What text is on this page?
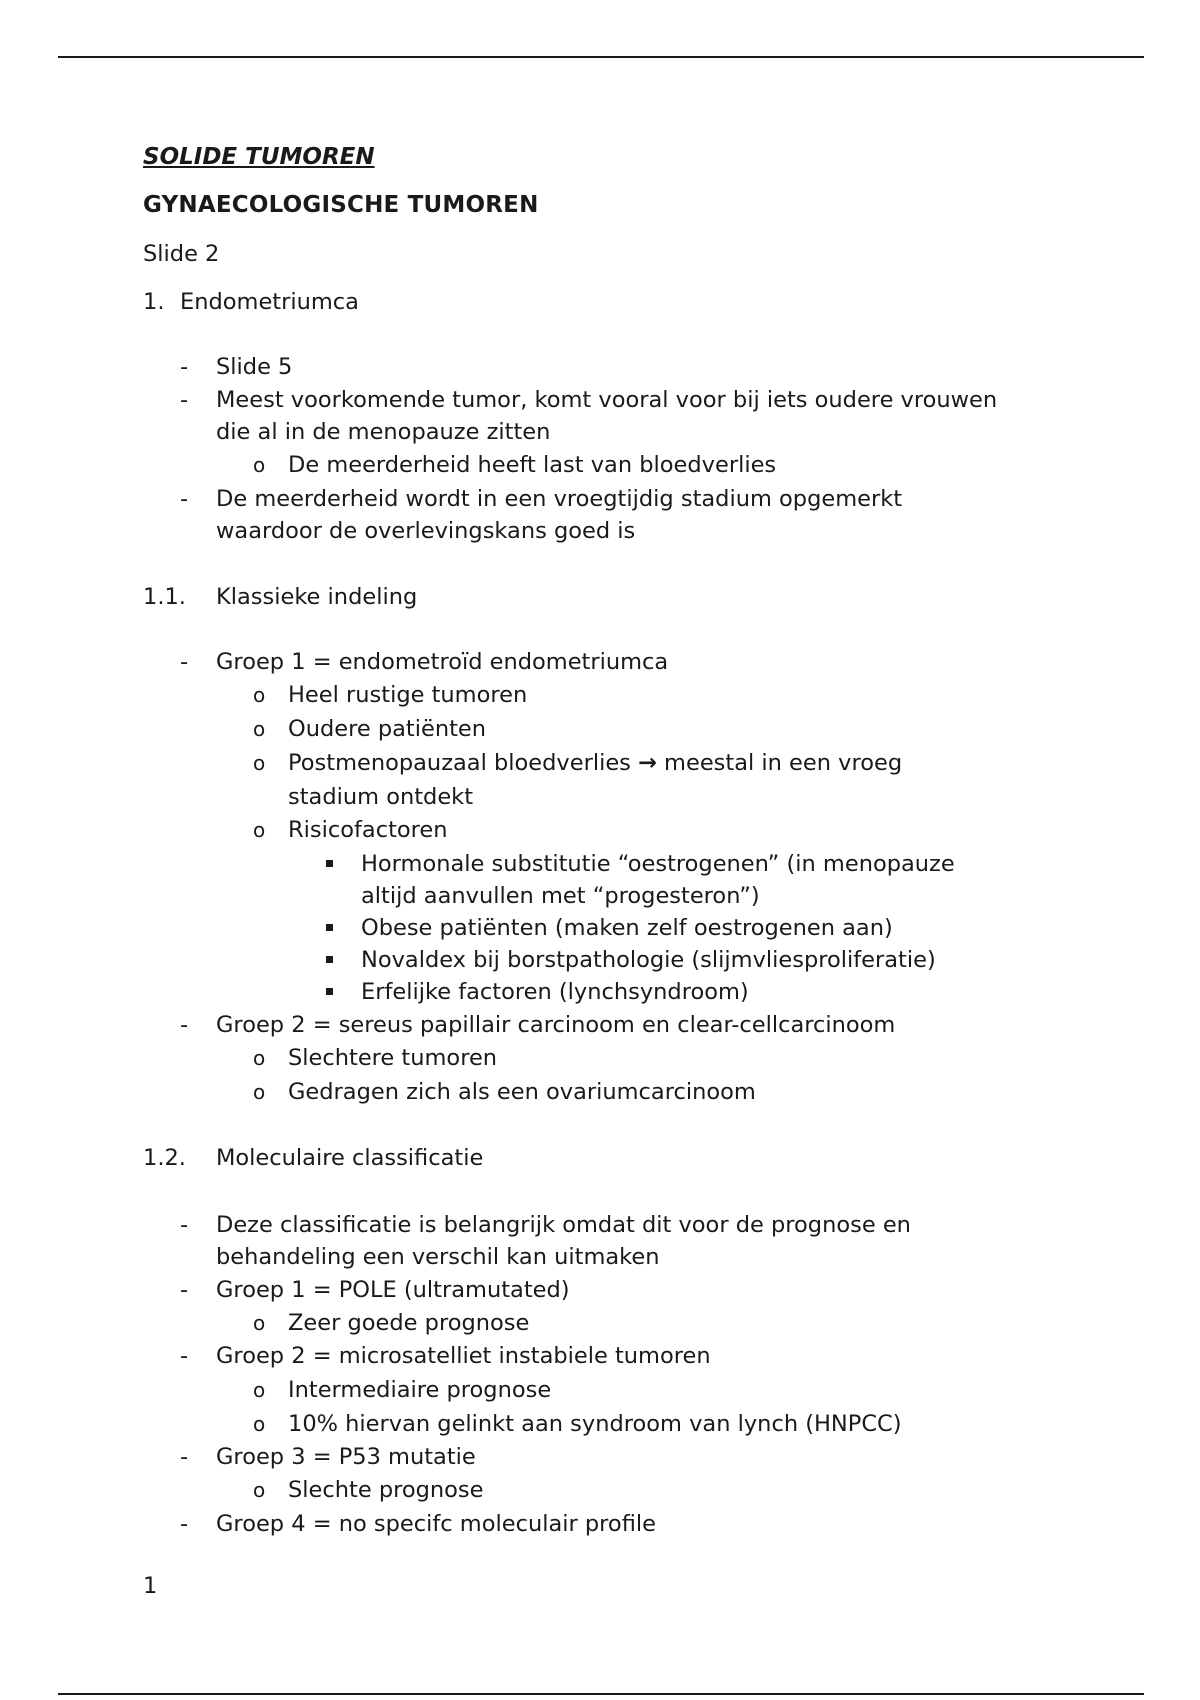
SOLIDE TUMOREN
GYNAECOLOGISCHE TUMOREN
Slide 2
1. Endometriumca
- Slide 5
- Meest voorkomende tumor, komt vooral voor bij iets oudere vrouwen
die al in de menopauze zitten
o De meerderheid heeft last van bloedverlies
- De meerderheid wordt in een vroegtijdig stadium opgemerkt
waardoor de overlevingskans goed is
1.1. Klassieke indeling
- Groep 1 = endometroïd endometriumca
o Heel rustige tumoren
o Oudere patiënten
o Postmenopauzaal bloedverlies → meestal in een vroeg
stadium ontdekt
o Risicofactoren
Hormonale substitutie “oestrogenen” (in menopauze
altijd aanvullen met “progesteron”)
Obese patiënten (maken zelf oestrogenen aan)
Novaldex bij borstpathologie (slijmvliesproliferatie)
Erfelijke factoren (lynchsyndroom)
- Groep 2 = sereus papillair carcinoom en clear-cellcarcinoom
o Slechtere tumoren
o Gedragen zich als een ovariumcarcinoom
1.2. Moleculaire classificatie
- Deze classificatie is belangrijk omdat dit voor de prognose en
behandeling een verschil kan uitmaken
- Groep 1 = POLE (ultramutated)
o Zeer goede prognose
- Groep 2 = microsatelliet instabiele tumoren
o Intermediaire prognose
o 10% hiervan gelinkt aan syndroom van lynch (HNPCC)
- Groep 3 = P53 mutatie
o Slechte prognose
- Groep 4 = no specifc moleculair profile
1
